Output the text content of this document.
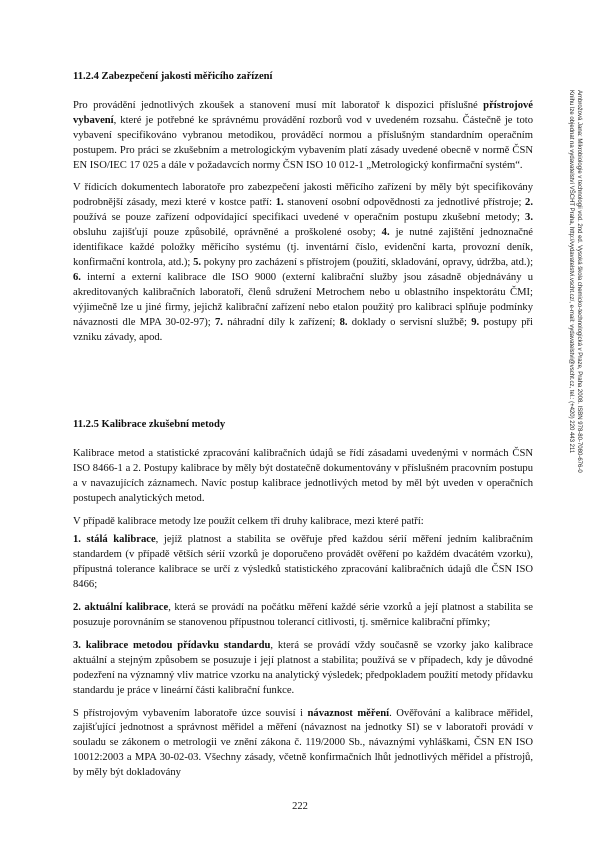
Ambrožová Jana: Mikrobiologie v technologii vod. 2nd ed. Vysoká škola chemicko-technologická v Praze, Praha 2008. ISBN 978-80-7080-676-0
Knihu lze objednat na vydavatelství VŠCHT Praha, http://vydavatelstvi.vscht.cz/, e-mail: vydavatelstvi@vscht.cz, tel.: (+420) 220 443 211

11.2.4 Zabezpečení jakosti měřicího zařízení

Pro provádění jednotlivých zkoušek a stanovení musí mít laboratoř k dispozici příslušné přístrojové vybavení, které je potřebné ke správnému provádění rozborů vod v uvedeném rozsahu. Částečně je toto vybavení specifikováno vybranou metodikou, prováděcí normou a příslušným standardním operačním postupem. Pro práci se zkušebním a metrologickým vybavením platí zásady uvedené obecně v normě ČSN EN ISO/IEC 17 025 a dále v požadavcích normy ČSN ISO 10 012-1 „Metrologický konfirmační systém“.

V řídicích dokumentech laboratoře pro zabezpečení jakosti měřicího zařízení by měly být specifikovány podrobnější zásady, mezi které v kostce patří: 1. stanovení osobní odpovědnosti za jednotlivé přístroje; 2. používá se pouze zařízení odpovídající specifikaci uvedené v operačním postupu zkušební metody; 3. obsluhu zajišťují pouze způsobilé, oprávněné a proškolené osoby; 4. je nutné zajištění jednoznačné identifikace každé položky měřicího systému (tj. inventární číslo, evidenční karta, provozní deník, konfirmační kontrola, atd.); 5. pokyny pro zacházení s přístrojem (použití, skladování, opravy, údržba, atd.); 6. interní a externí kalibrace dle ISO 9000 (externí kalibrační služby jsou zásadně objednávány u akreditovaných kalibračních laboratoří, členů sdružení Metrochem nebo u oblastního inspektorátu ČMI; výjimečně lze u jiné firmy, jejichž kalibrační zařízení nebo etalon použitý pro kalibraci splňuje podmínky návaznosti dle MPA 30-02-97); 7. náhradní díly k zařízení; 8. doklady o servisní službě; 9. postupy při vzniku závady, apod.

11.2.5 Kalibrace zkušební metody

Kalibrace metod a statistické zpracování kalibračních údajů se řídí zásadami uvedenými v normách ČSN ISO 8466-1 a 2. Postupy kalibrace by měly být dostatečně dokumentovány v příslušném pracovním postupu a v navazujících záznamech. Navíc postup kalibrace jednotlivých metod by měl být uveden v operačních postupech analytických metod.

V případě kalibrace metody lze použít celkem tři druhy kalibrace, mezi které patří:

1. stálá kalibrace, jejíž platnost a stabilita se ověřuje před každou sérií měření jedním kalibračním standardem (v případě větších sérií vzorků je doporučeno provádět ověření po každém dvacátém vzorku), přípustná tolerance kalibrace se určí z výsledků statistického zpracování kalibračních údajů dle ČSN ISO 8466;

2. aktuální kalibrace, která se provádí na počátku měření každé série vzorků a její platnost a stabilita se posuzuje porovnáním se stanovenou přípustnou tolerancí citlivosti, tj. směrnice kalibrační přímky;

3. kalibrace metodou přídavku standardu, která se provádí vždy současně se vzorky jako kalibrace aktuální a stejným způsobem se posuzuje i její platnost a stabilita; používá se v případech, kdy je důvodné podezření na významný vliv matrice vzorku na analytický výsledek; předpokladem použití metody přídavku standardu je práce v lineární části kalibrační funkce.

S přístrojovým vybavením laboratoře úzce souvisí i návaznost měření. Ověřování a kalibrace měřidel, zajišťující jednotnost a správnost měřidel a měření (návaznost na jednotky SI) se v laboratoři provádí v souladu se zákonem o metrologii ve znění zákona č. 119/2000 Sb., návaznými vyhláškami, ČSN EN ISO 10012:2003 a MPA 30-02-03. Všechny zásady, včetně konfirmačních lhůt jednotlivých měřidel a přístrojů, by měly být dokladovány

222
